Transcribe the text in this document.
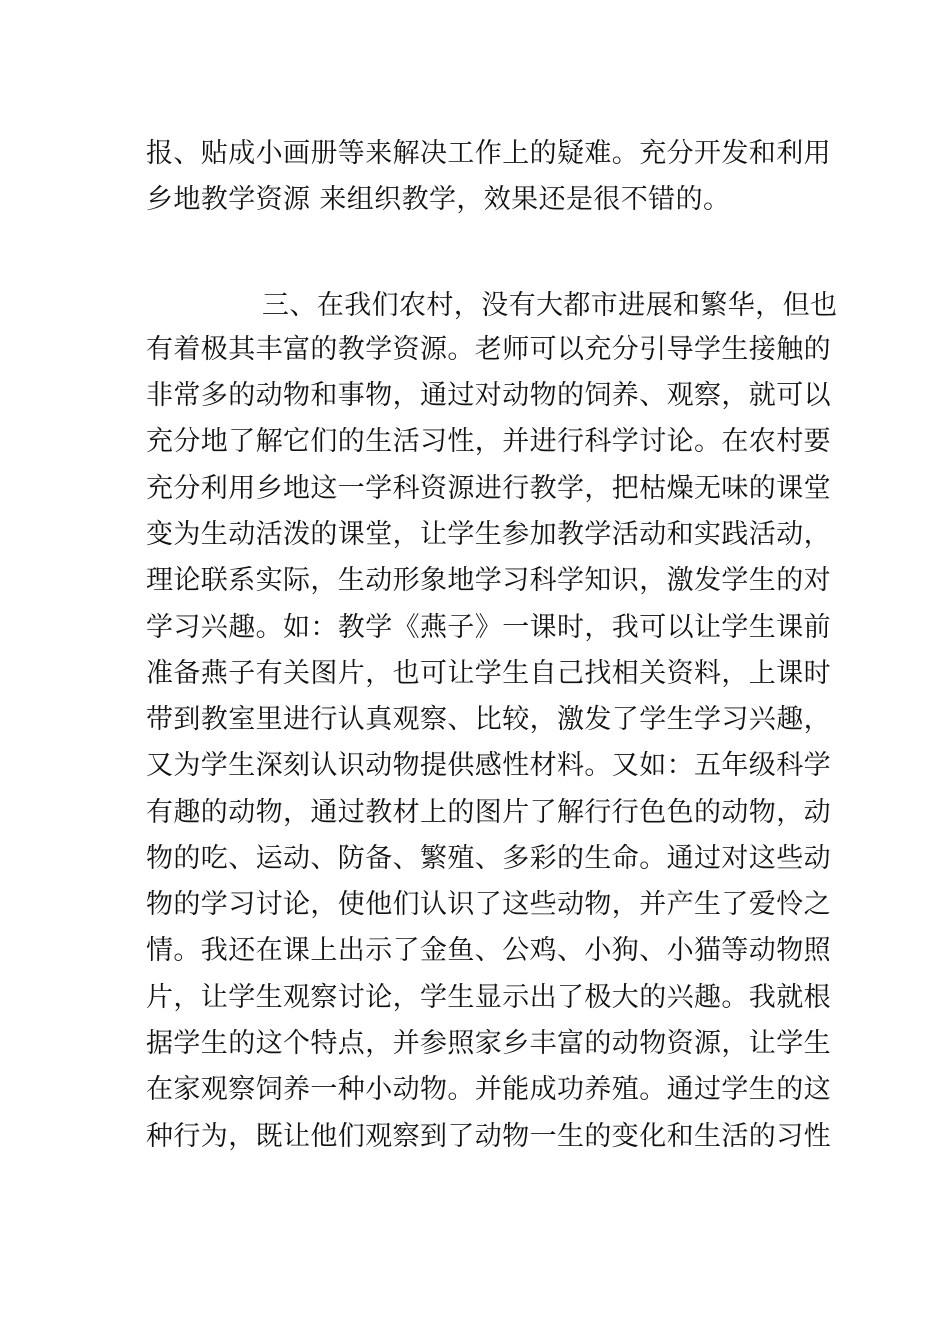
报、贴成小画册等来解决工作上的疑难。充分开发和利用
乡地教学资源 来组织教学，效果还是很不错的。
三、在我们农村，没有大都市进展和繁华，但也
有着极其丰富的教学资源。老师可以充分引导学生接触的
非常多的动物和事物，通过对动物的饲养、观察，就可以
充分地了解它们的生活习性，并进行科学讨论。在农村要
充分利用乡地这一学科资源进行教学，把枯燥无味的课堂
变为生动活泼的课堂，让学生参加教学活动和实践活动，
理论联系实际，生动形象地学习科学知识，激发学生的对
学习兴趣。如：教学《燕子》一课时，我可以让学生课前
准备燕子有关图片，也可让学生自己找相关资料，上课时
带到教室里进行认真观察、比较，激发了学生学习兴趣，
又为学生深刻认识动物提供感性材料。又如：五年级科学
有趣的动物，通过教材上的图片了解行行色色的动物，动
物的吃、运动、防备、繁殖、多彩的生命。通过对这些动
物的学习讨论，使他们认识了这些动物，并产生了爱怜之
情。我还在课上出示了金鱼、公鸡、小狗、小猫等动物照
片，让学生观察讨论，学生显示出了极大的兴趣。我就根
据学生的这个特点，并参照家乡丰富的动物资源，让学生
在家观察饲养一种小动物。并能成功养殖。通过学生的这
种行为，既让他们观察到了动物一生的变化和生活的习性
